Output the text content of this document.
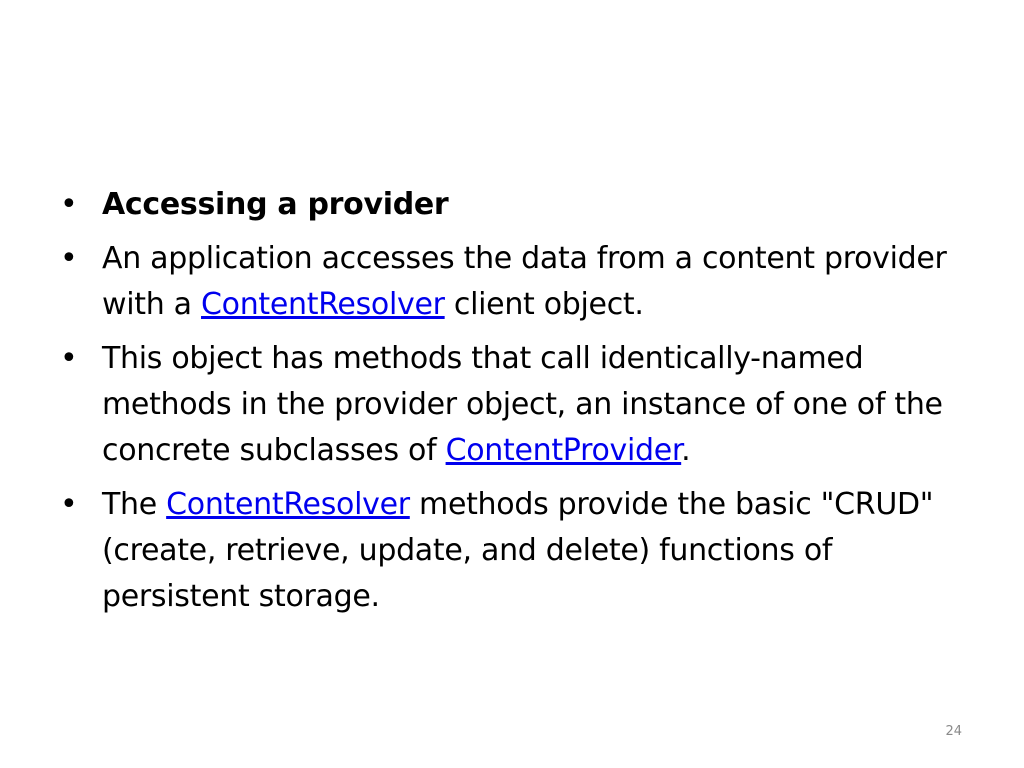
• Accessing a provider
• An application accesses the data from a content provider with a ContentResolver client object.
• This object has methods that call identically-named methods in the provider object, an instance of one of the concrete subclasses of ContentProvider.
• The ContentResolver methods provide the basic "CRUD" (create, retrieve, update, and delete) functions of persistent storage.
24
